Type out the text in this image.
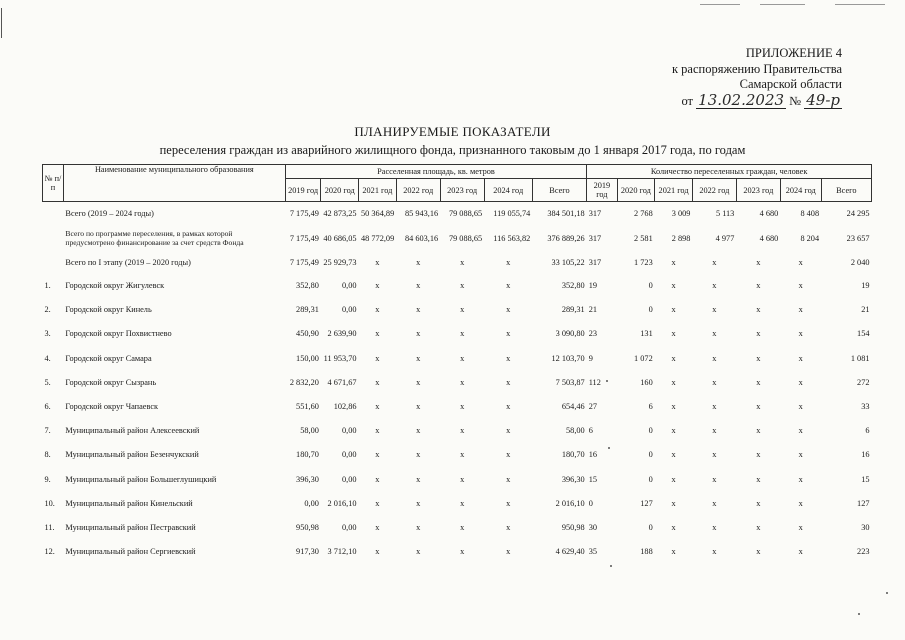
ПРИЛОЖЕНИЕ 4
к распоряжению Правительства
Самарской области
от 13.02.2023 № 49-р
ПЛАНИРУЕМЫЕ ПОКАЗАТЕЛИ
переселения граждан из аварийного жилищного фонда, признанного таковым до 1 января 2017 года, по годам
№ п/п	Наименование муниципального образования	Расселенная площадь, кв. метров							Количество переселенных граждан, человек						
		2019 год	2020 год	2021 год	2022 год	2023 год	2024 год	Всего	2019 год	2020 год	2021 год	2022 год	2023 год	2024 год	Всего
	Всего (2019 – 2024 годы)	7 175,49	42 873,25	50 364,89	85 943,16	79 088,65	119 055,74	384 501,18	317	2 768	3 009	5 113	4 680	8 408	24 295
	Всего по программе переселения, в рамках которой предусмотрено финансирование за счет средств Фонда	7 175,49	40 686,05	48 772,09	84 603,16	79 088,65	116 563,82	376 889,26	317	2 581	2 898	4 977	4 680	8 204	23 657
	Всего по I этапу (2019 – 2020 годы)	7 175,49	25 929,73	x	x	x	x	33 105,22	317	1 723	x	x	x	x	2 040
1.	Городской округ Жигулевск	352,80	0,00	x	x	x	x	352,80	19	0	x	x	x	x	19
2.	Городской округ Кинель	289,31	0,00	x	x	x	x	289,31	21	0	x	x	x	x	21
3.	Городской округ Похвистнево	450,90	2 639,90	x	x	x	x	3 090,80	23	131	x	x	x	x	154
4.	Городской округ Самара	150,00	11 953,70	x	x	x	x	12 103,70	9	1 072	x	x	x	x	1 081
5.	Городской округ Сызрань	2 832,20	4 671,67	x	x	x	x	7 503,87	112	160	x	x	x	x	272
6.	Городской округ Чапаевск	551,60	102,86	x	x	x	x	654,46	27	6	x	x	x	x	33
7.	Муниципальный район Алексеевский	58,00	0,00	x	x	x	x	58,00	6	0	x	x	x	x	6
8.	Муниципальный район Безенчукский	180,70	0,00	x	x	x	x	180,70	16	0	x	x	x	x	16
9.	Муниципальный район Большеглушицкий	396,30	0,00	x	x	x	x	396,30	15	0	x	x	x	x	15
10.	Муниципальный район Кинельский	0,00	2 016,10	x	x	x	x	2 016,10	0	127	x	x	x	x	127
11.	Муниципальный район Пестравский	950,98	0,00	x	x	x	x	950,98	30	0	x	x	x	x	30
12.	Муниципальный район Сергиевский	917,30	3 712,10	x	x	x	x	4 629,40	35	188	x	x	x	x	223
